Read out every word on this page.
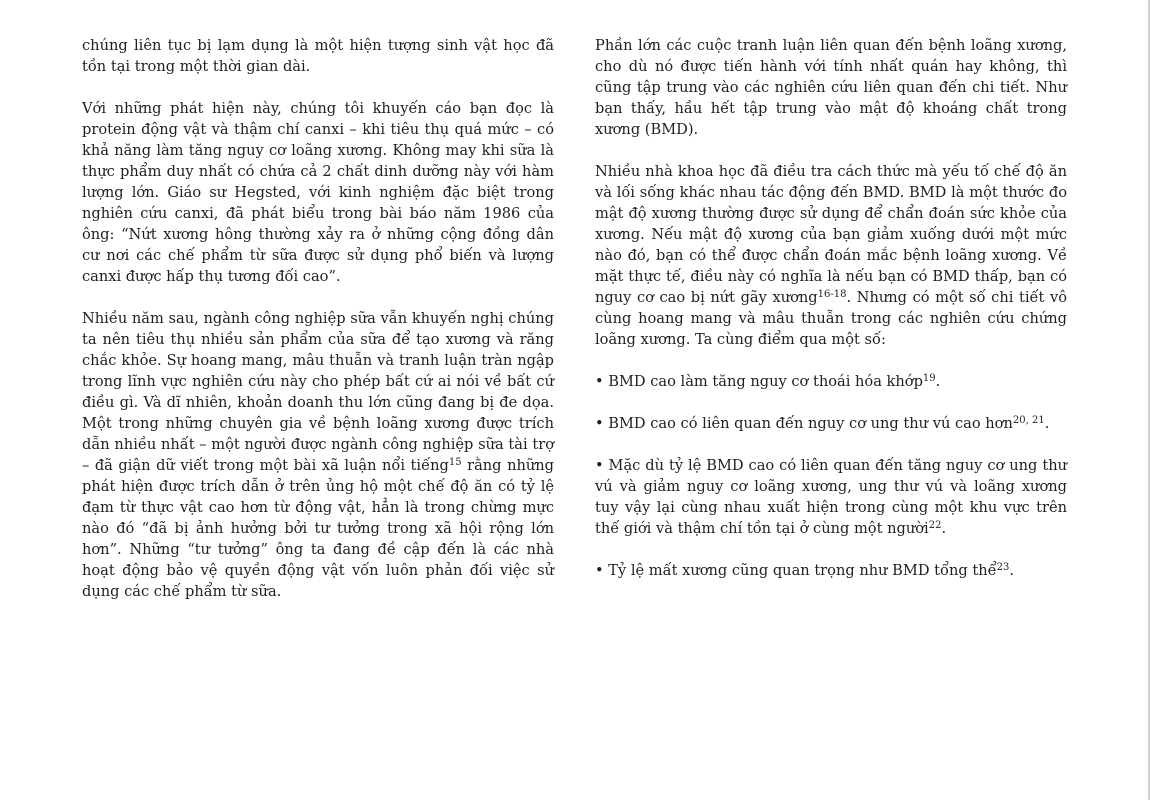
chúng liên tục bị lạm dụng là một hiện tượng sinh vật học đã tồn tại trong một thời gian dài.

Với những phát hiện này, chúng tôi khuyến cáo bạn đọc là protein động vật và thậm chí canxi – khi tiêu thụ quá mức – có khả năng làm tăng nguy cơ loãng xương. Không may khi sữa là thực phẩm duy nhất có chứa cả 2 chất dinh dưỡng này với hàm lượng lớn. Giáo sư Hegsted, với kinh nghiệm đặc biệt trong nghiên cứu canxi, đã phát biểu trong bài báo năm 1986 của ông: “Nứt xương hông thường xảy ra ở những cộng đồng dân cư nơi các chế phẩm từ sữa được sử dụng phổ biến và lượng canxi được hấp thụ tương đối cao”.

Nhiều năm sau, ngành công nghiệp sữa vẫn khuyến nghị chúng ta nên tiêu thụ nhiều sản phẩm của sữa để tạo xương và răng chắc khỏe. Sự hoang mang, mâu thuẫn và tranh luận tràn ngập trong lĩnh vực nghiên cứu này cho phép bất cứ ai nói về bất cứ điều gì. Và dĩ nhiên, khoản doanh thu lớn cũng đang bị đe dọa. Một trong những chuyên gia về bệnh loãng xương được trích dẫn nhiều nhất – một người được ngành công nghiệp sữa tài trợ – đã giận dữ viết trong một bài xã luận nổi tiếng$^{15}$ rằng những phát hiện được trích dẫn ở trên ủng hộ một chế độ ăn có tỷ lệ đạm từ thực vật cao hơn từ động vật, hẳn là trong chừng mực nào đó “đã bị ảnh hưởng bởi tư tưởng trong xã hội rộng lớn hơn”. Những “tư tưởng” ông ta đang đề cập đến là các nhà hoạt động bảo vệ quyền động vật vốn luôn phản đối việc sử dụng các chế phẩm từ sữa.

Phần lớn các cuộc tranh luận liên quan đến bệnh loãng xương, cho dù nó được tiến hành với tính nhất quán hay không, thì cũng tập trung vào các nghiên cứu liên quan đến chi tiết. Như bạn thấy, hầu hết tập trung vào mật độ khoáng chất trong xương (BMD).

Nhiều nhà khoa học đã điều tra cách thức mà yếu tố chế độ ăn và lối sống khác nhau tác động đến BMD. BMD là một thước đo mật độ xương thường được sử dụng để chẩn đoán sức khỏe của xương. Nếu mật độ xương của bạn giảm xuống dưới một mức nào đó, bạn có thể được chẩn đoán mắc bệnh loãng xương. Về mặt thực tế, điều này có nghĩa là nếu bạn có BMD thấp, bạn có nguy cơ cao bị nứt gãy xương$^{16-18}$. Nhưng có một số chi tiết vô cùng hoang mang và mâu thuẫn trong các nghiên cứu chứng loãng xương. Ta cùng điểm qua một số:

• BMD cao làm tăng nguy cơ thoái hóa khớp$^{19}$.

• BMD cao có liên quan đến nguy cơ ung thư vú cao hơn$^{20, 21}$.

• Mặc dù tỷ lệ BMD cao có liên quan đến tăng nguy cơ ung thư vú và giảm nguy cơ loãng xương, ung thư vú và loãng xương tuy vậy lại cùng nhau xuất hiện trong cùng một khu vực trên thế giới và thậm chí tồn tại ở cùng một người$^{22}$.

• Tỷ lệ mất xương cũng quan trọng như BMD tổng thể$^{23}$.
